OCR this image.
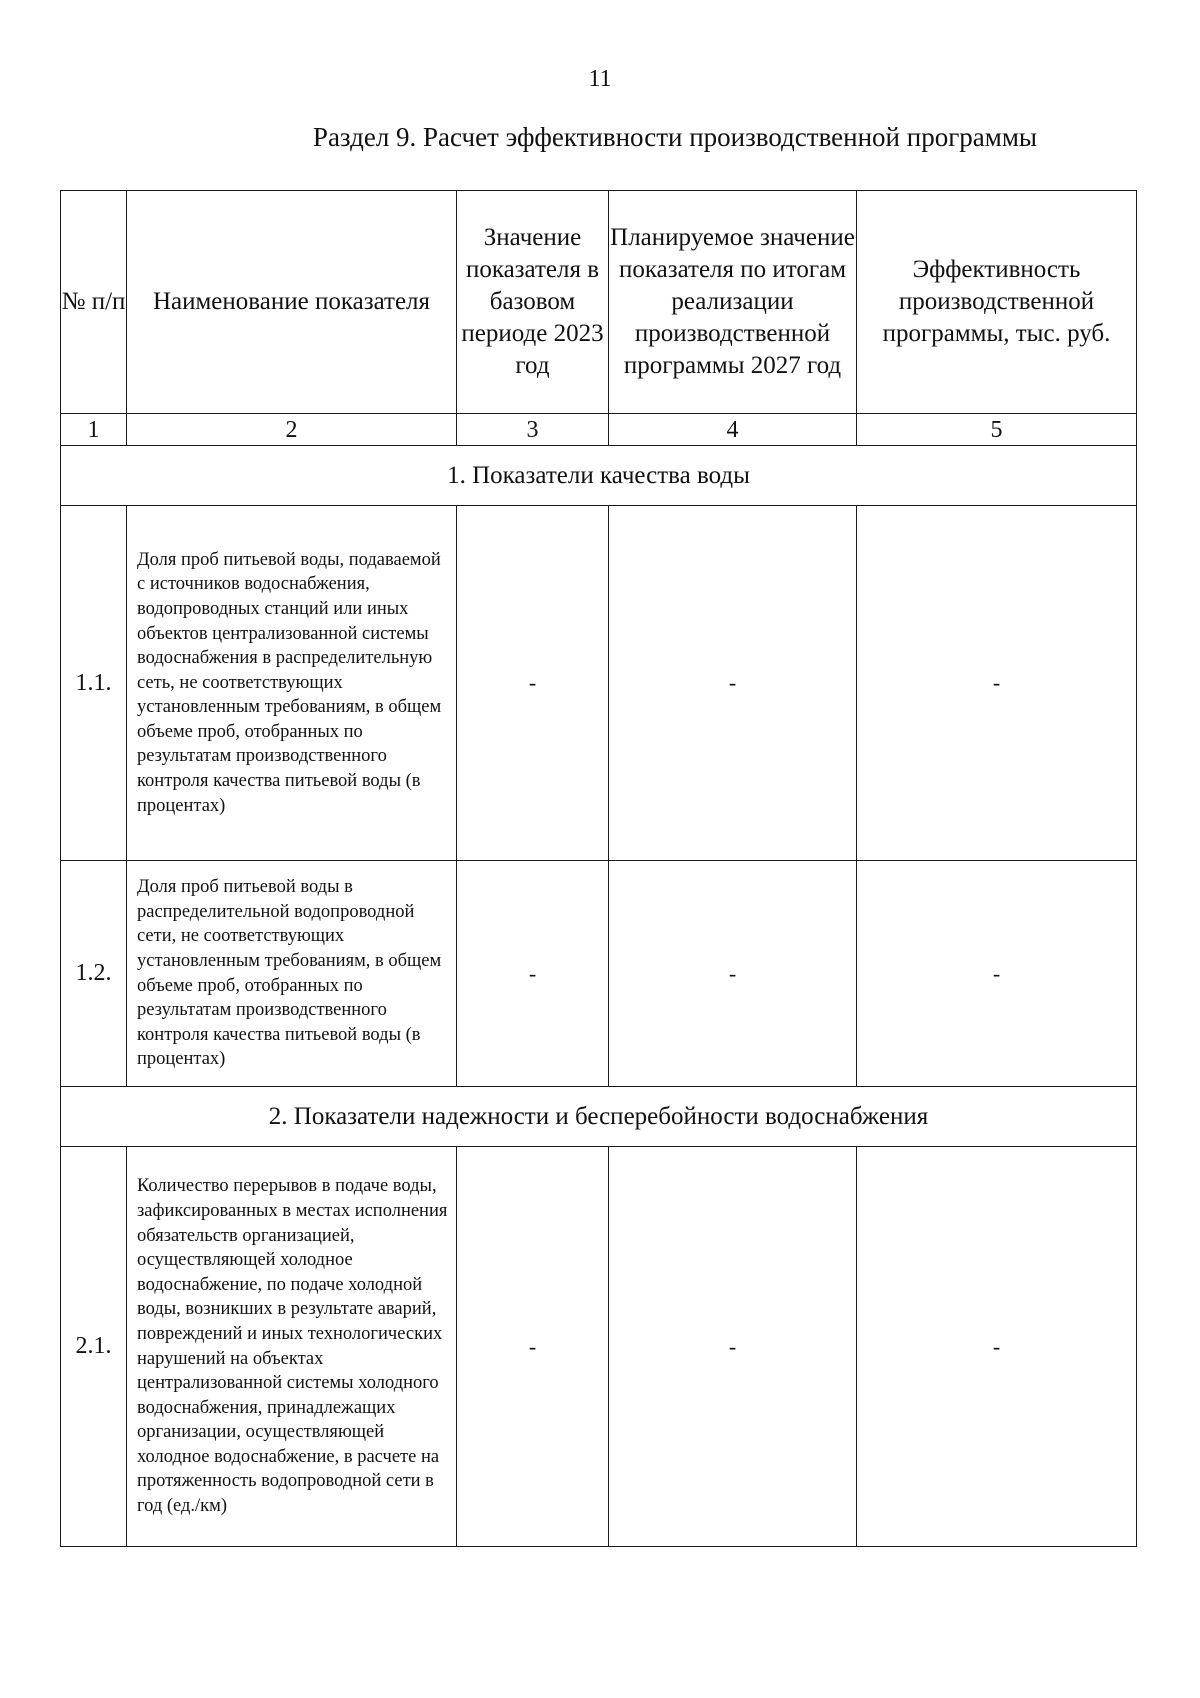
11
Раздел 9. Расчет эффективности производственной программы
№ п/п	Наименование показателя	Значение показателя в базовом периоде 2023 год	Планируемое значение показателя по итогам реализации производственной программы 2027 год	Эффективность производственной программы, тыс. руб.
1	2	3	4	5
1. Показатели качества воды				
1.1.	Доля проб питьевой воды, подаваемой с источников водоснабжения, водопроводных станций или иных объектов централизованной системы водоснабжения в распределительную сеть, не соответствующих установленным требованиям, в общем объеме проб, отобранных по результатам производственного контроля качества питьевой воды (в процентах)	-	-	-
1.2.	Доля проб питьевой воды в распределительной водопроводной сети, не соответствующих установленным требованиям, в общем объеме проб, отобранных по результатам производственного контроля качества питьевой воды (в процентах)	-	-	-
2. Показатели надежности и бесперебойности водоснабжения				
2.1.	Количество перерывов в подаче воды, зафиксированных в местах исполнения обязательств организацией, осуществляющей холодное водоснабжение, по подаче холодной воды, возникших в результате аварий, повреждений и иных технологических нарушений на объектах централизованной системы холодного водоснабжения, принадлежащих организации, осуществляющей холодное водоснабжение, в расчете на протяженность водопроводной сети в год (ед./км)	-	-	-
